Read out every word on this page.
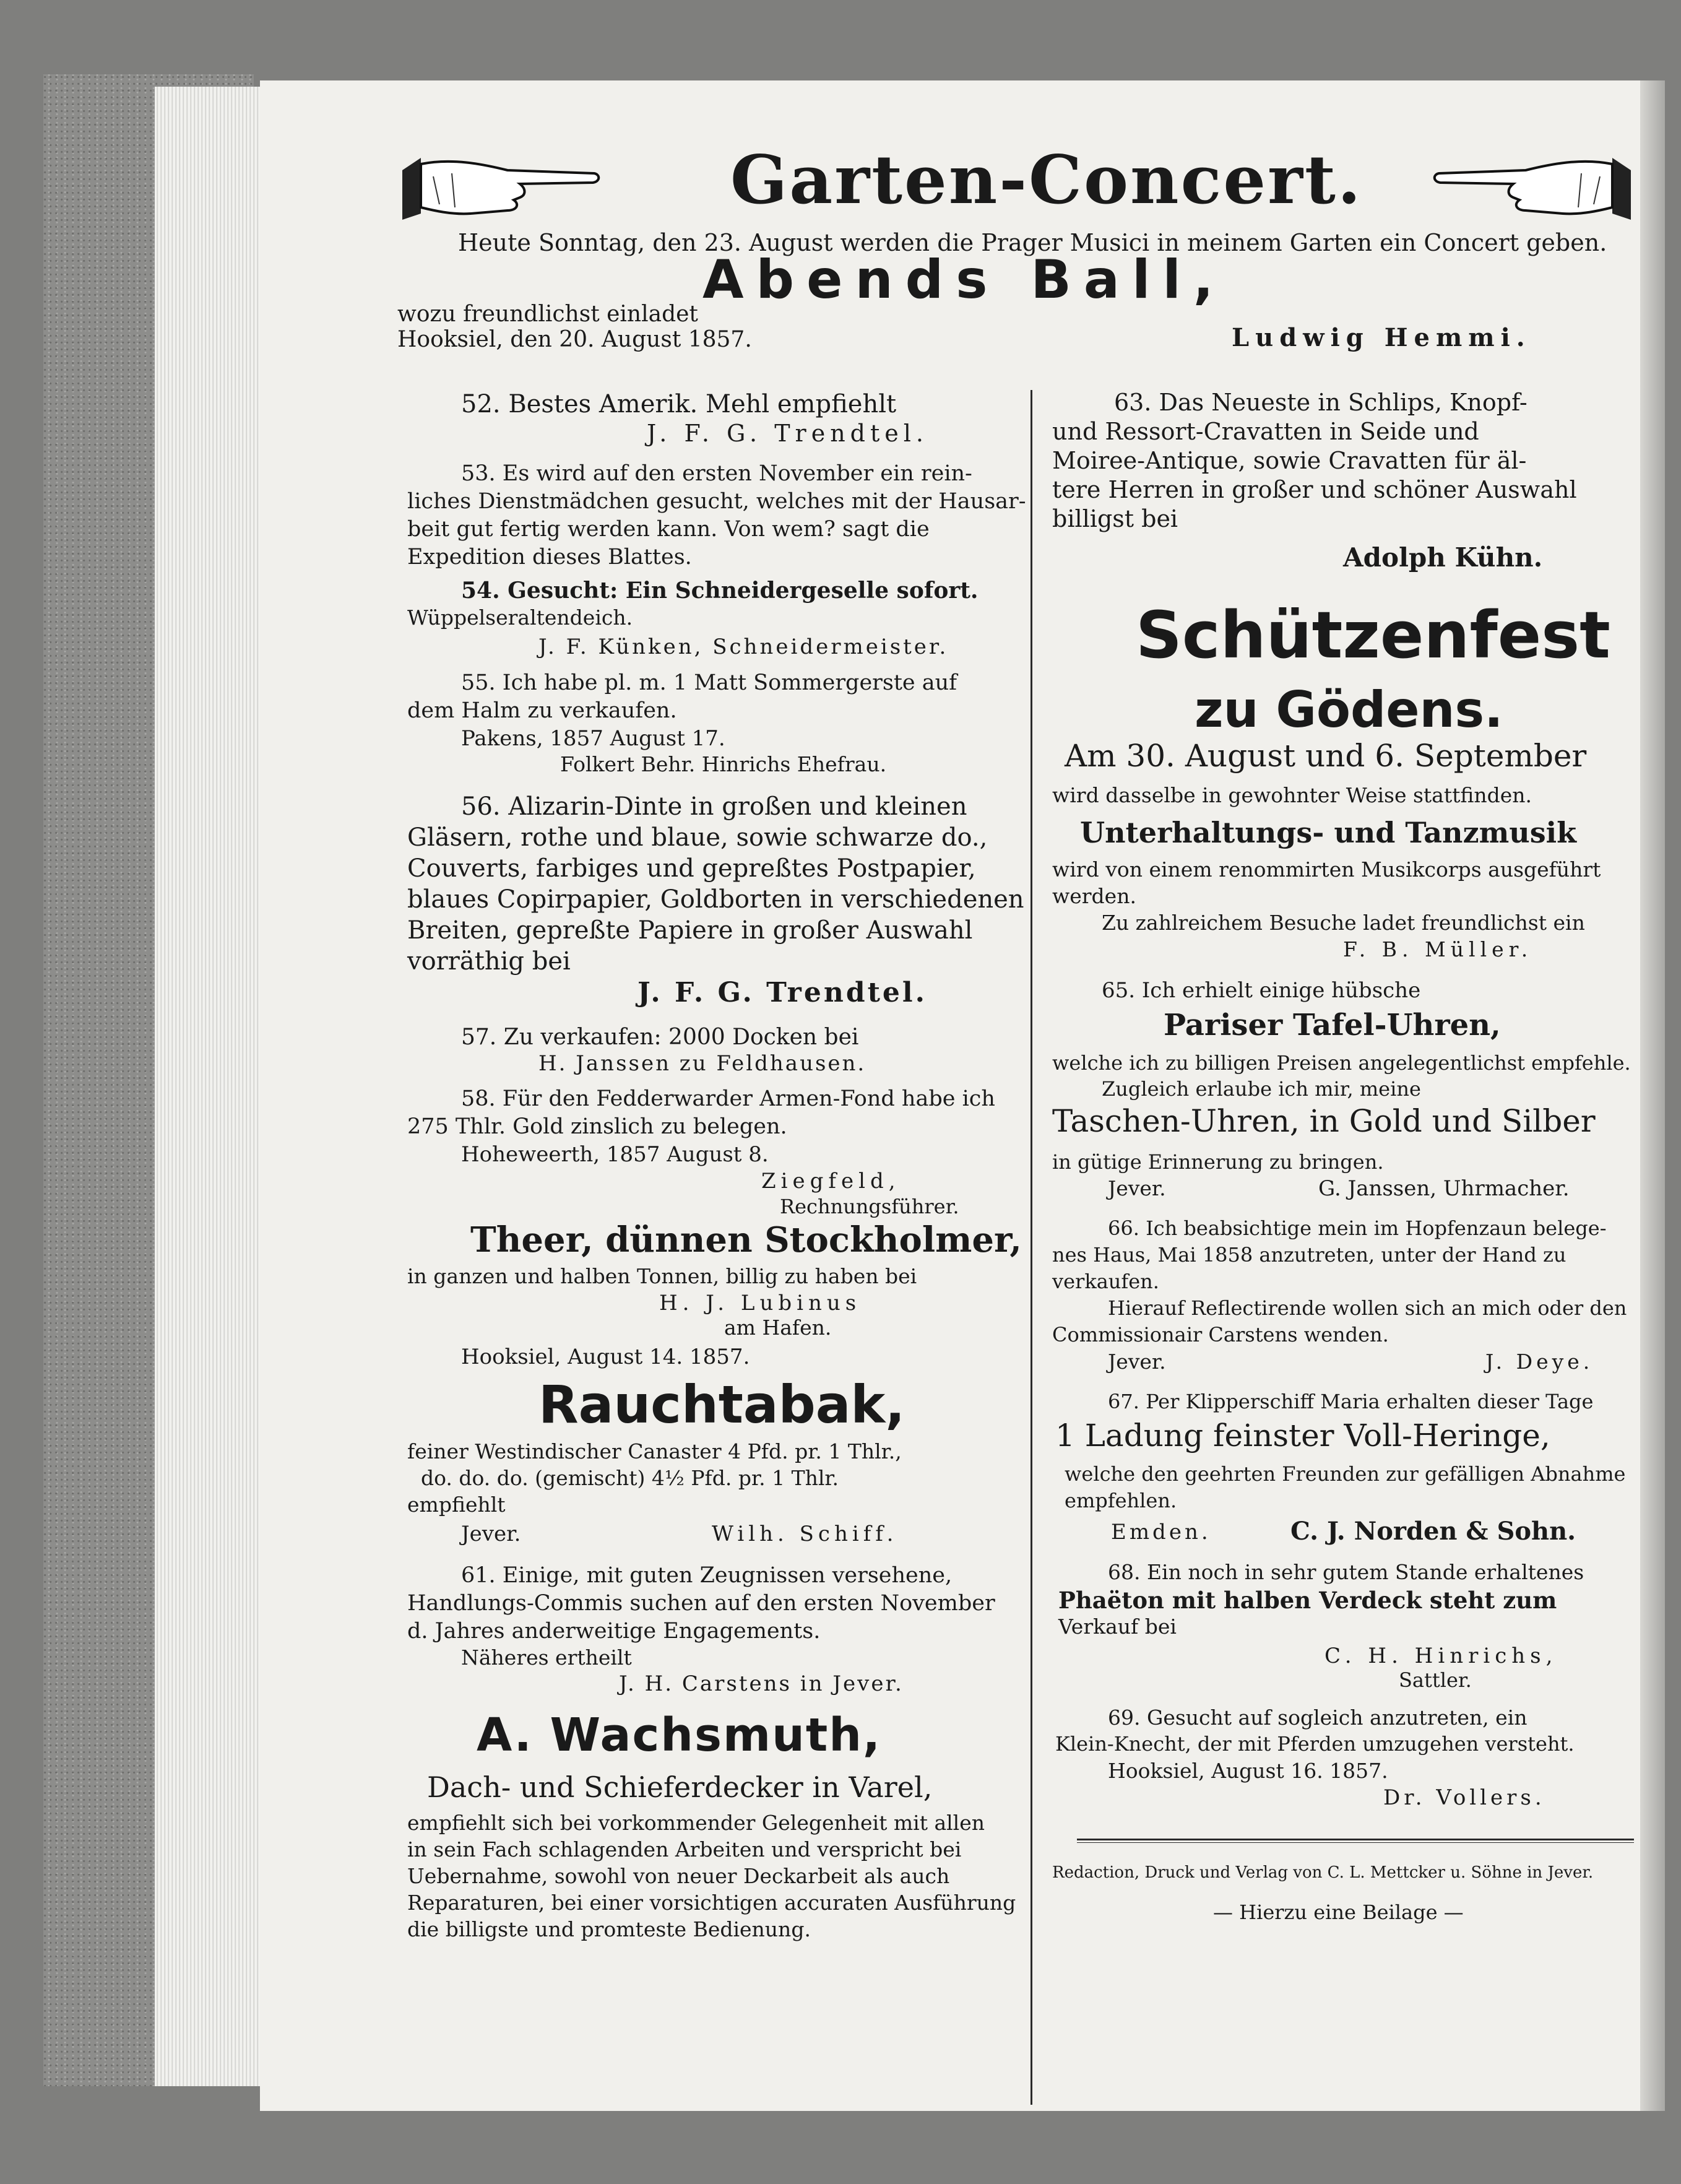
Garten-Concert.
Heute Sonntag, den 23. August werden die Prager Musici in meinem Garten ein Concert geben.
Abends Ball,
wozu freundlichst einladet
Hooksiel, den 20. August 1857.	Ludwig Hemmi.
52. Bestes Amerik. Mehl empfiehlt
J. F. G. Trendtel.
53. Es wird auf den ersten November ein rein-
liches Dienstmädchen gesucht, welches mit der Hausar-
beit gut fertig werden kann. Von wem? sagt die
Expedition dieses Blattes.
54. Gesucht: Ein Schneidergeselle sofort.
Wüppelseraltendeich.
J. F. Künken, Schneidermeister.
55. Ich habe pl. m. 1 Matt Sommergerste auf
dem Halm zu verkaufen.
Pakens, 1857 August 17.
Folkert Behr. Hinrichs Ehefrau.
56. Alizarin-Dinte in großen und kleinen
Gläsern, rothe und blaue, sowie schwarze do.,
Couverts, farbiges und gepreßtes Postpapier,
blaues Copirpapier, Goldborten in verschiedenen
Breiten, gepreßte Papiere in großer Auswahl
vorräthig bei
J. F. G. Trendtel.
57. Zu verkaufen: 2000 Docken bei
H. Janssen zu Feldhausen.
58. Für den Fedderwarder Armen-Fond habe ich
275 Thlr. Gold zinslich zu belegen.
Hoheweerth, 1857 August 8.
Ziegfeld,
Rechnungsführer.
Theer, dünnen Stockholmer,
in ganzen und halben Tonnen, billig zu haben bei
H. J. Lubinus
am Hafen.
Hooksiel, August 14. 1857.
Rauchtabak,
feiner Westindischer Canaster 4 Pfd. pr. 1 Thlr.,
do. do. do. (gemischt) 4½ Pfd. pr. 1 Thlr.
empfiehlt
Jever.	Wilh. Schiff.
61. Einige, mit guten Zeugnissen versehene,
Handlungs-Commis suchen auf den ersten November
d. Jahres anderweitige Engagements.
Näheres ertheilt
J. H. Carstens in Jever.
A. Wachsmuth,
Dach- und Schieferdecker in Varel,
empfiehlt sich bei vorkommender Gelegenheit mit allen
in sein Fach schlagenden Arbeiten und verspricht bei
Uebernahme, sowohl von neuer Deckarbeit als auch
Reparaturen, bei einer vorsichtigen accuraten Ausführung
die billigste und promteste Bedienung.
63. Das Neueste in Schlips, Knopf-
und Ressort-Cravatten in Seide und
Moiree-Antique, sowie Cravatten für äl-
tere Herren in großer und schöner Auswahl
billigst bei
Adolph Kühn.
Schützenfest
zu Gödens.
Am 30. August und 6. September
wird dasselbe in gewohnter Weise stattfinden.
Unterhaltungs- und Tanzmusik
wird von einem renommirten Musikcorps ausgeführt
werden.
Zu zahlreichem Besuche ladet freundlichst ein
F. B. Müller.
65. Ich erhielt einige hübsche
Pariser Tafel-Uhren,
welche ich zu billigen Preisen angelegentlichst empfehle.
Zugleich erlaube ich mir, meine
Taschen-Uhren, in Gold und Silber
in gütige Erinnerung zu bringen.
Jever.	G. Janssen, Uhrmacher.
66. Ich beabsichtige mein im Hopfenzaun belege-
nes Haus, Mai 1858 anzutreten, unter der Hand zu
verkaufen.
Hierauf Reflectirende wollen sich an mich oder den
Commissionair Carstens wenden.
Jever.	J. Deye.
67. Per Klipperschiff Maria erhalten dieser Tage
1 Ladung feinster Voll-Heringe,
welche den geehrten Freunden zur gefälligen Abnahme
empfehlen.
Emden.	C. J. Norden & Sohn.
68. Ein noch in sehr gutem Stande erhaltenes
Phaëton mit halben Verdeck steht zum
Verkauf bei
C. H. Hinrichs,
Sattler.
69. Gesucht auf sogleich anzutreten, ein
Klein-Knecht, der mit Pferden umzugehen versteht.
Hooksiel, August 16. 1857.
Dr. Vollers.
Redaction, Druck und Verlag von C. L. Mettcker u. Söhne in Jever.
— Hierzu eine Beilage —
